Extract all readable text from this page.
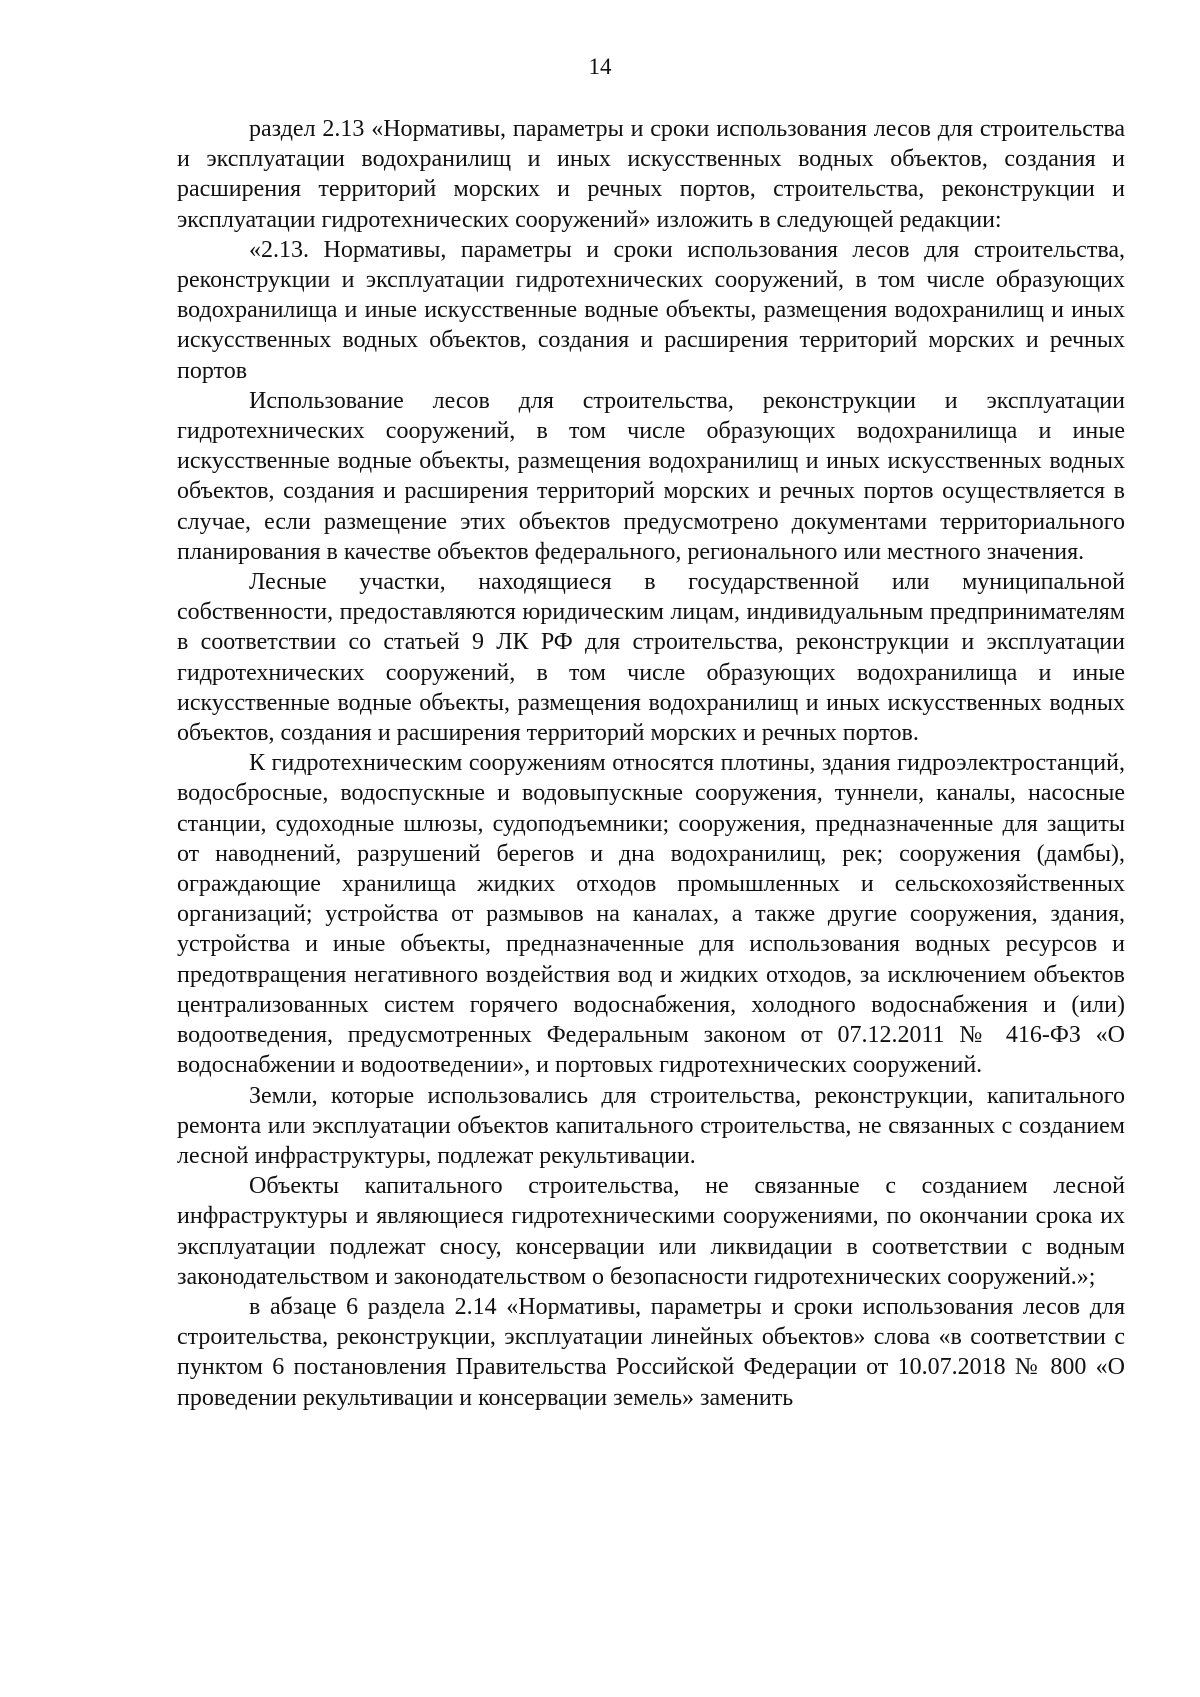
14

раздел 2.13 «Нормативы, параметры и сроки использования лесов для строительства и эксплуатации водохранилищ и иных искусственных водных объектов, создания и расширения территорий морских и речных портов, строительства, реконструкции и эксплуатации гидротехнических сооружений» изложить в следующей редакции:

«2.13. Нормативы, параметры и сроки использования лесов для строительства, реконструкции и эксплуатации гидротехнических сооружений, в том числе образующих водохранилища и иные искусственные водные объекты, размещения водохранилищ и иных искусственных водных объектов, создания и расширения территорий морских и речных портов

Использование лесов для строительства, реконструкции и эксплуатации гидротехнических сооружений, в том числе образующих водохранилища и иные искусственные водные объекты, размещения водохранилищ и иных искусственных водных объектов, создания и расширения территорий морских и речных портов осуществляется в случае, если размещение этих объектов предусмотрено документами территориального планирования в качестве объектов федерального, регионального или местного значения.

Лесные участки, находящиеся в государственной или муниципальной собственности, предоставляются юридическим лицам, индивидуальным предпринимателям в соответствии со статьей 9 ЛК РФ для строительства, реконструкции и эксплуатации гидротехнических сооружений, в том числе образующих водохранилища и иные искусственные водные объекты, размещения водохранилищ и иных искусственных водных объектов, создания и расширения территорий морских и речных портов.

К гидротехническим сооружениям относятся плотины, здания гидроэлектростанций, водосбросные, водоспускные и водовыпускные сооружения, туннели, каналы, насосные станции, судоходные шлюзы, судоподъемники; сооружения, предназначенные для защиты от наводнений, разрушений берегов и дна водохранилищ, рек; сооружения (дамбы), ограждающие хранилища жидких отходов промышленных и сельскохозяйственных организаций; устройства от размывов на каналах, а также другие сооружения, здания, устройства и иные объекты, предназначенные для использования водных ресурсов и предотвращения негативного воздействия вод и жидких отходов, за исключением объектов централизованных систем горячего водоснабжения, холодного водоснабжения и (или) водоотведения, предусмотренных Федеральным законом от 07.12.2011 № 416-ФЗ «О водоснабжении и водоотведении», и портовых гидротехнических сооружений.

Земли, которые использовались для строительства, реконструкции, капитального ремонта или эксплуатации объектов капитального строительства, не связанных с созданием лесной инфраструктуры, подлежат рекультивации.

Объекты капитального строительства, не связанные с созданием лесной инфраструктуры и являющиеся гидротехническими сооружениями, по окончании срока их эксплуатации подлежат сносу, консервации или ликвидации в соответствии с водным законодательством и законодательством о безопасности гидротехнических сооружений.»;

в абзаце 6 раздела 2.14 «Нормативы, параметры и сроки использования лесов для строительства, реконструкции, эксплуатации линейных объектов» слова «в соответствии с пунктом 6 постановления Правительства Российской Федерации от 10.07.2018 № 800 «О проведении рекультивации и консервации земель» заменить
